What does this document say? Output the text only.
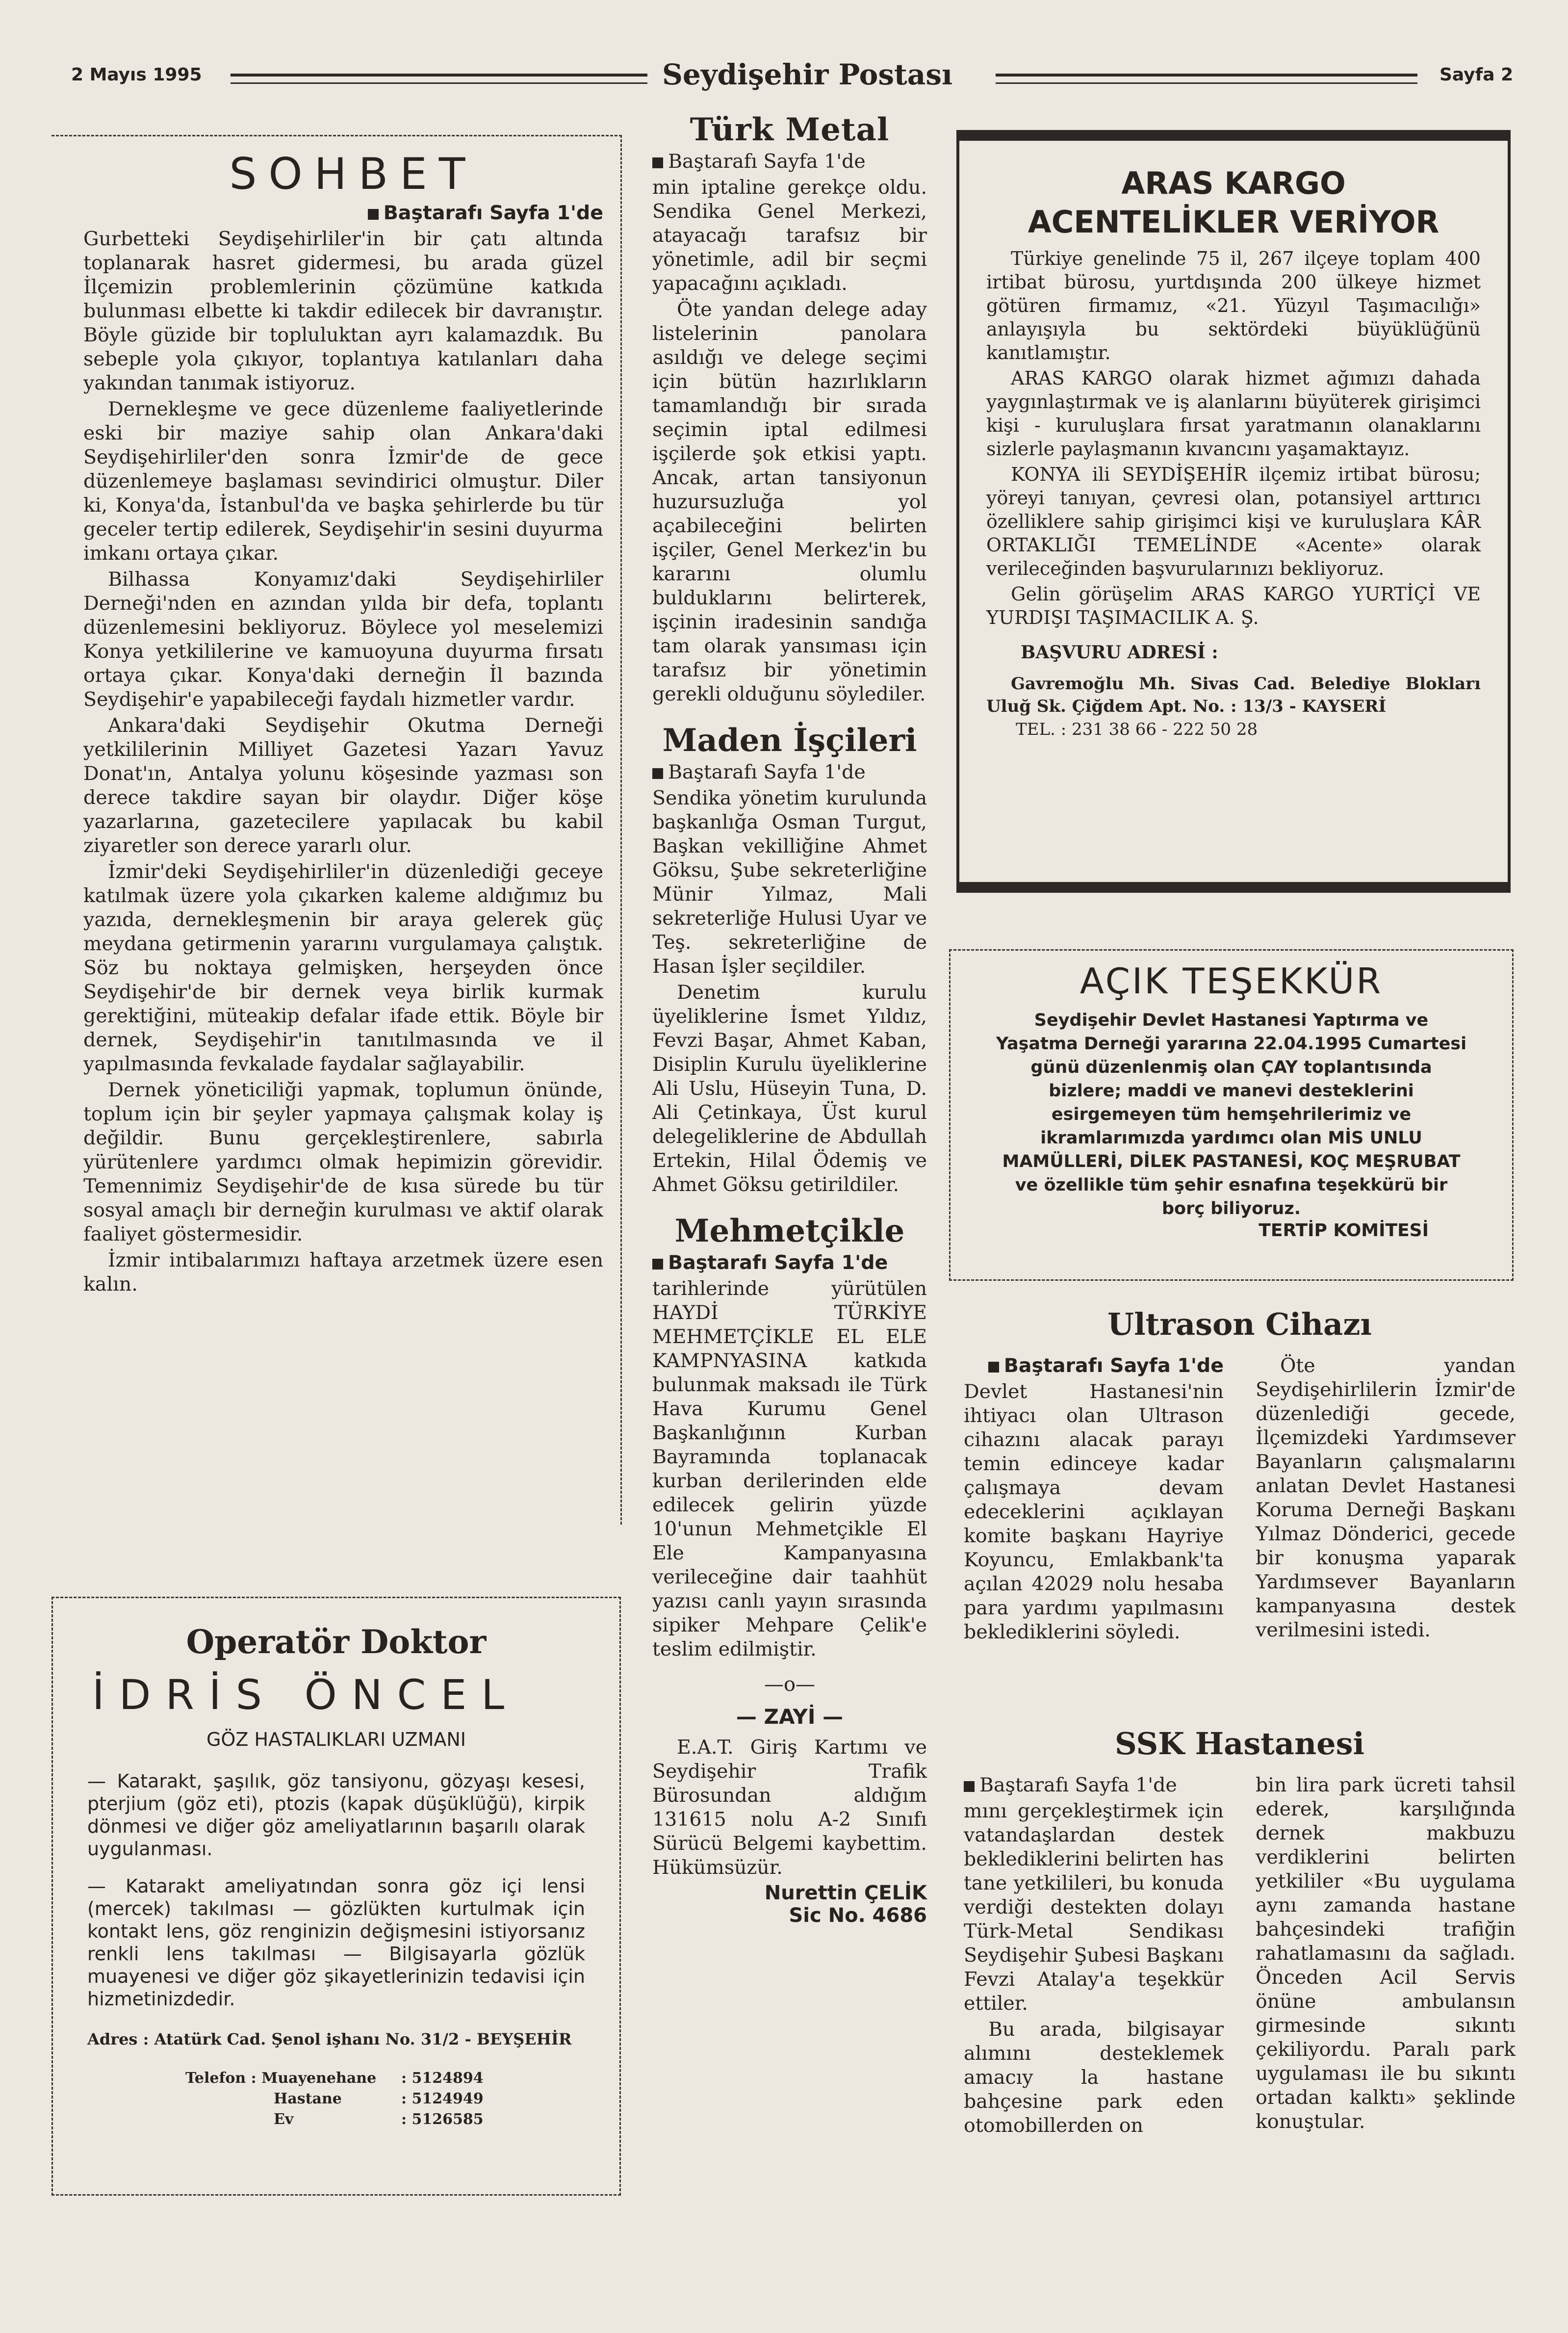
2 Mayıs 1995	Seydişehir Postası	Sayfa 2
SOHBET

Baştarafı Sayfa 1'de

Gurbetteki Seydişehirliler'in bir çatı altında toplanarak hasret gidermesi, bu arada güzel İlçemizin problemlerinin çözümüne katkıda bulunması elbette ki takdir edilecek bir davranıştır. Böyle güzide bir topluluktan ayrı kalamazdık. Bu sebeple yola çıkıyor, toplantıya katılanları daha yakından tanımak istiyoruz.

Dernekleşme ve gece düzenleme faaliyetlerinde eski bir maziye sahip olan Ankara'daki Seydişehirliler'den sonra İzmir'de de gece düzenlemeye başlaması sevindirici olmuştur. Diler ki, Konya'da, İstanbul'da ve başka şehirlerde bu tür geceler tertip edilerek, Seydişehir'in sesini duyurma imkanı ortaya çıkar.

Bilhassa Konyamız'daki Seydişehirliler Derneği'nden en azından yılda bir defa, toplantı düzenlemesini bekliyoruz. Böylece yol meselemizi Konya yetkililerine ve kamuoyuna duyurma fırsatı ortaya çıkar. Konya'daki derneğin İl bazında Seydişehir'e yapabileceği faydalı hizmetler vardır.

Ankara'daki Seydişehir Okutma Derneği yetkililerinin Milliyet Gazetesi Yazarı Yavuz Donat'ın, Antalya yolunu köşesinde yazması son derece takdire sayan bir olaydır. Diğer köşe yazarlarına, gazetecilere yapılacak bu kabil ziyaretler son derece yararlı olur.

İzmir'deki Seydişehirliler'in düzenlediği geceye katılmak üzere yola çıkarken kaleme aldığımız bu yazıda, dernekleşmenin bir araya gelerek güç meydana getirmenin yararını vurgulamaya çalıştık. Söz bu noktaya gelmişken, herşeyden önce Seydişehir'de bir dernek veya birlik kurmak gerektiğini, müteakip defalar ifade ettik. Böyle bir dernek, Seydişehir'in tanıtılmasında ve il yapılmasında fevkalade faydalar sağlayabilir.

Dernek yöneticiliği yapmak, toplumun önünde, toplum için bir şeyler yapmaya çalışmak kolay iş değildir. Bunu gerçekleştirenlere, sabırla yürütenlere yardımcı olmak hepimizin görevidir. Temennimiz Seydişehir'de de kısa sürede bu tür sosyal amaçlı bir derneğin kurulması ve aktif olarak faaliyet göstermesidir.

İzmir intibalarımızı haftaya arzetmek üzere esen kalın.

Operatör Doktor
İDRİS ÖNCEL
GÖZ HASTALIKLARI UZMANI

— Katarakt, şaşılık, göz tansiyonu, gözyaşı kesesi, pterjium (göz eti), ptozis (kapak düşüklüğü), kirpik dönmesi ve diğer göz ameliyatlarının başarılı olarak uygulanması.

— Katarakt ameliyatından sonra göz içi lensi (mercek) takılması — gözlükten kurtulmak için kontakt lens, göz renginizin değişmesini istiyorsanız renkli lens takılması — Bilgisayarla gözlük muayenesi ve diğer göz şikayetlerinizin tedavisi için hizmetinizdedir.

Adres : Atatürk Cad. Şenol işhanı No. 31/2 - BEYŞEHİR
Telefon : Muayenehane : 5124894
Hastane	: 5124949
Ev	: 5126585
Türk Metal

Baştarafı Sayfa 1'de

min iptaline gerekçe oldu. Sendika Genel Merkezi, atayacağı tarafsız bir yönetimle, adil bir seçmi yapacağını açıkladı.

Öte yandan delege aday listelerinin panolara asıldığı ve delege seçimi için bütün hazırlıkların tamamlandığı bir sırada seçimin iptal edilmesi işçilerde şok etkisi yaptı. Ancak, artan tansiyonun huzursuzluğa yol açabileceğini belirten işçiler, Genel Merkez'in bu kararını olumlu bulduklarını belirterek, işçinin iradesinin sandığa tam olarak yansıması için tarafsız bir yönetimin gerekli olduğunu söylediler.

Maden İşçileri

Baştarafı Sayfa 1'de

Sendika yönetim kurulunda başkanlığa Osman Turgut, Başkan vekilliğine Ahmet Göksu, Şube sekreterliğine Münir Yılmaz, Mali sekreterliğe Hulusi Uyar ve Teş. sekreterliğine de Hasan İşler seçildiler.

Denetim kurulu üyeliklerine İsmet Yıldız, Fevzi Başar, Ahmet Kaban, Disiplin Kurulu üyeliklerine Ali Uslu, Hüseyin Tuna, D. Ali Çetinkaya, Üst kurul delegeliklerine de Abdullah Ertekin, Hilal Ödemiş ve Ahmet Göksu getirildiler.

Mehmetçikle

Baştarafı Sayfa 1'de

tarihlerinde yürütülen HAYDİ TÜRKİYE MEHMETÇİKLE EL ELE KAMPNYASINA katkıda bulunmak maksadı ile Türk Hava Kurumu Genel Başkanlığının Kurban Bayramında toplanacak kurban derilerinden elde edilecek gelirin yüzde 10'unun Mehmetçikle El Ele Kampanyasına verileceğine dair taahhüt yazısı canlı yayın sırasında sipiker Mehpare Çelik'e teslim edilmiştir.

—o—
— ZAYİ —

E.A.T. Giriş Kartımı ve Seydişehir Trafik Bürosundan aldığım 131615 nolu A-2 Sınıfı Sürücü Belgemi kaybettim. Hükümsüzür.

Nurettin ÇELİK

Sic No. 4686

ARAS KARGO
ACENTELİKLER VERİYOR

Türkiye genelinde 75 il, 267 ilçeye toplam 400 irtibat bürosu, yurtdışında 200 ülkeye hizmet götüren firmamız, «21. Yüzyıl Taşımacılığı» anlayışıyla bu sektördeki büyüklüğünü kanıtlamıştır.

ARAS KARGO olarak hizmet ağımızı dahada yaygınlaştırmak ve iş alanlarını büyüterek girişimci kişi - kuruluşlara fırsat yaratmanın olanaklarını sizlerle paylaşmanın kıvancını yaşamaktayız.

KONYA ili SEYDİŞEHİR ilçemiz irtibat bürosu; yöreyi tanıyan, çevresi olan, potansiyel arttırıcı özelliklere sahip girişimci kişi ve kuruluşlara KÂR ORTAKLIĞI TEMELİNDE «Acente» olarak verileceğinden başvurularınızı bekliyoruz.

Gelin görüşelim ARAS KARGO YURTİÇİ VE YURDIŞI TAŞIMACILIK A. Ş.

BAŞVURU ADRESİ :

Gavremoğlu Mh. Sivas Cad. Belediye Blokları Uluğ Sk. Çiğdem Apt. No. : 13/3 - KAYSERİ

TEL. : 231 38 66 - 222 50 28
AÇIK TEŞEKKÜR

Seydişehir Devlet Hastanesi Yaptırma ve Yaşatma Derneği yararına 22.04.1995 Cumartesi günü düzenlenmiş olan ÇAY toplantısında bizlere; maddi ve manevi desteklerini esirgemeyen tüm hemşehrilerimiz ve ikramlarımızda yardımcı olan MİS UNLU MAMÜLLERİ, DİLEK PASTANESİ, KOÇ MEŞRUBAT ve özellikle tüm şehir esnafına teşekkürü bir borç biliyoruz.

TERTİP KOMİTESİ
Ultrason Cihazı

Baştarafı Sayfa 1'de

Devlet Hastanesi'nin ihtiyacı olan Ultrason cihazını alacak parayı temin edinceye kadar çalışmaya devam edeceklerini açıklayan komite başkanı Hayriye Koyuncu, Emlakbank'ta açılan 42029 nolu hesaba para yardımı yapılmasını beklediklerini söyledi.

Öte yandan Seydişehirlilerin İzmir'de düzenlediği gecede, İlçemizdeki Yardımsever Bayanların çalışmalarını anlatan Devlet Hastanesi Koruma Derneği Başkanı Yılmaz Dönderici, gecede bir konuşma yaparak Yardımsever Bayanların kampanyasına destek verilmesini istedi.

SSK Hastanesi

Baştarafı Sayfa 1'de

mını gerçekleştirmek için vatandaşlardan destek beklediklerini belirten has tane yetkilileri, bu konuda verdiği destekten dolayı Türk-Metal Sendikası Seydişehir Şubesi Başkanı Fevzi Atalay'a teşekkür ettiler.

Bu arada, bilgisayar alımını desteklemek amacıy la hastane bahçesine park eden otomobillerden on

bin lira park ücreti tahsil ederek, karşılığında dernek makbuzu verdiklerini belirten yetkililer «Bu uygulama aynı zamanda hastane bahçesindeki trafiğin rahatlamasını da sağladı. Önceden Acil Servis önüne ambulansın girmesinde sıkıntı çekiliyordu. Paralı park uygulaması ile bu sıkıntı ortadan kalktı» şeklinde konuştular.
